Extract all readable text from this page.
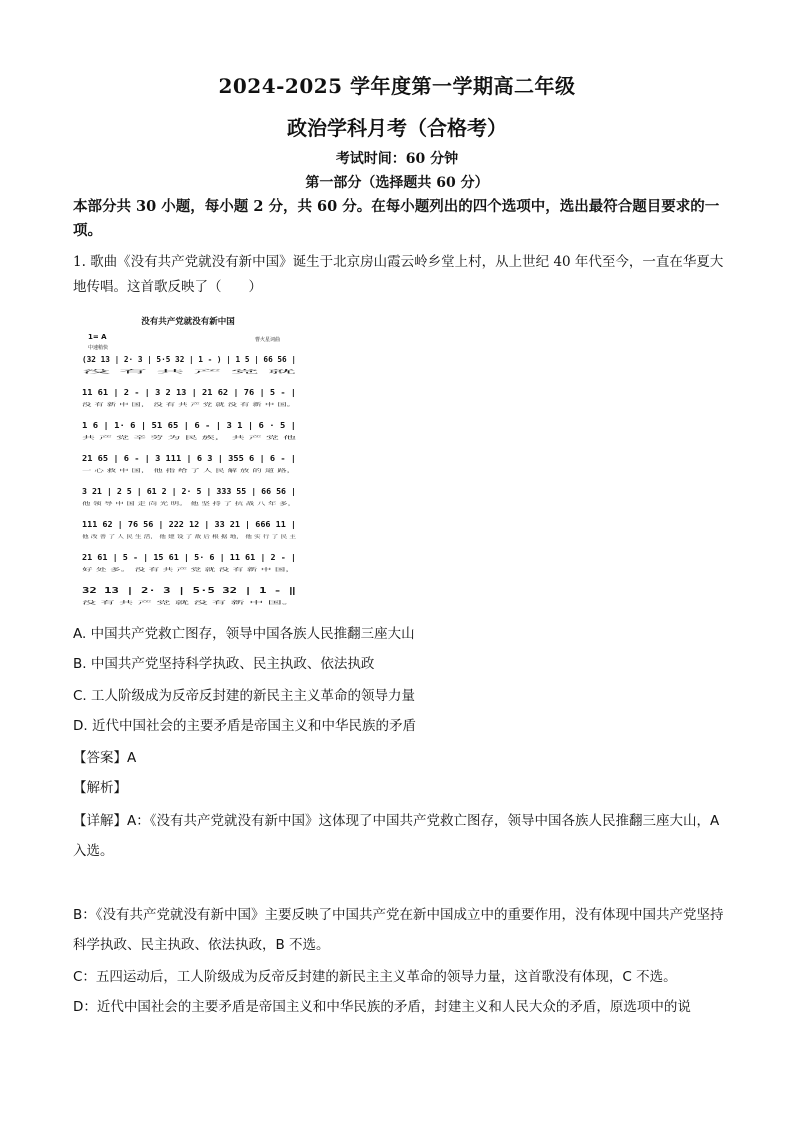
2024-2025 学年度第一学期高二年级
政治学科月考（合格考）
考试时间：60 分钟
第一部分（选择题共 60 分）
本部分共 30 小题，每小题 2 分，共 60 分。在每小题列出的四个选项中，选出最符合题目要求的一项。
1. 歌曲《没有共产党就没有新中国》诞生于北京房山霞云岭乡堂上村，从上世纪 40 年代至今，一直在华夏大地传唱。这首歌反映了（　　）
没有共产党就没有新中国
1= A
中速稍快
曹火星词曲
(32 13 | 2· 3 | 5·5 32 | 1 - ) | 1 5 | 66 56 |
没 有 共 产 党 就
11 61 | 2 - | 3 2 13 | 21 62 | 76 | 5 - |
没 有 新 中 国， 没 有 共 产 党 就 没 有 新 中 国。
1 6 | 1· 6 | 51 65 | 6 - | 3 1 | 6 · 5 |
共 产 党 辛 劳 为 民 族， 共 产 党 他
21 65 | 6 - | 3 111 | 6 3 | 355 6 | 6 - |
一 心 救 中 国， 他 指 给 了 人 民 解 放 的 道 路，
3 21 | 2 5 | 61 2 | 2· 5 | 333 55 | 66 56 |
他 领 导 中 国 走 向 光 明。 他 坚 持 了 抗 战 八 年 多，
111 62 | 76 56 | 222 12 | 33 21 | 666 11 |
他 改 善 了 人 民 生 活， 他 建 设 了 敌 后 根 据 地， 他 实 行 了 民 主
21 61 | 5 - | 15 61 | 5· 6 | 11 61 | 2 - |
好 处 多。 没 有 共 产 党 就 没 有 新 中 国，
32 13 | 2· 3 | 5·5 32 | 1 - ‖
没 有 共 产 党 就 没 有 新 中 国。
A. 中国共产党救亡图存，领导中国各族人民推翻三座大山
B. 中国共产党坚持科学执政、民主执政、依法执政
C. 工人阶级成为反帝反封建的新民主主义革命的领导力量
D. 近代中国社会的主要矛盾是帝国主义和中华民族的矛盾
【答案】A
【解析】
【详解】A：《没有共产党就没有新中国》这体现了中国共产党救亡图存，领导中国各族人民推翻三座大山，A 入选。
B：《没有共产党就没有新中国》主要反映了中国共产党在新中国成立中的重要作用，没有体现中国共产党坚持科学执政、民主执政、依法执政，B 不选。
C：五四运动后，工人阶级成为反帝反封建的新民主主义革命的领导力量，这首歌没有体现，C 不选。
D：近代中国社会的主要矛盾是帝国主义和中华民族的矛盾，封建主义和人民大众的矛盾，原选项中的说
